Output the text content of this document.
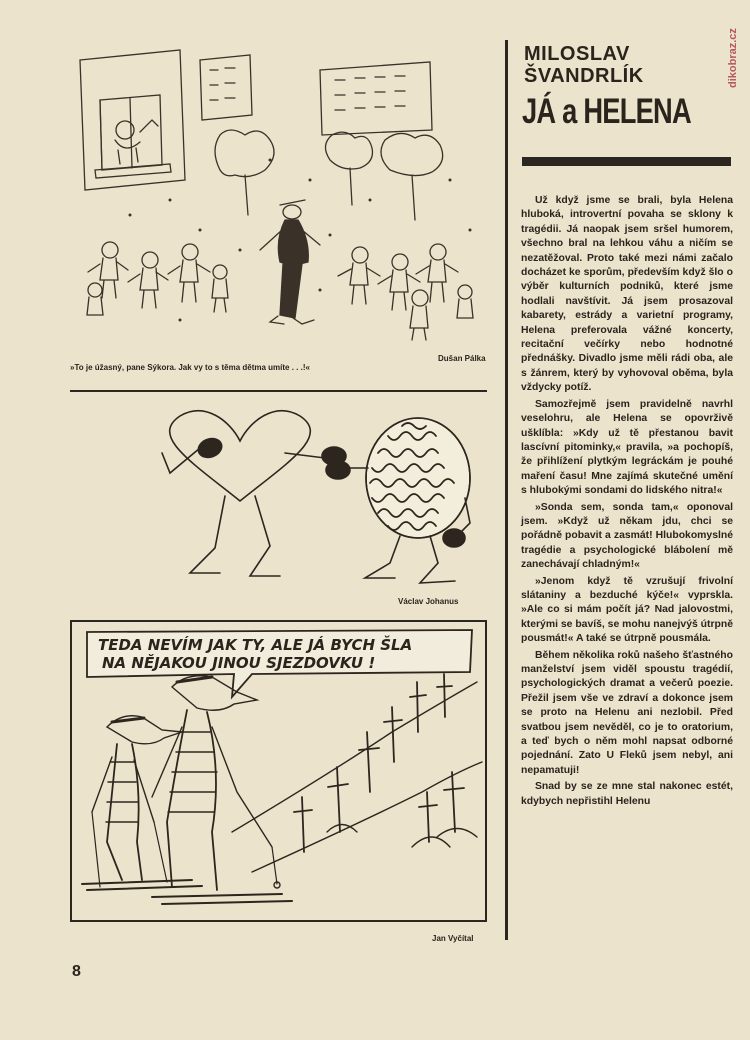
dikobraz.cz
»To je úžasný, pane Sýkora. Jak vy to s těma dětma umíte . . .!«
Dušan Pálka
Václav Johanus
TEDA NEVÍM JAK TY, ALE JÁ BYCH ŠLA
NA NĚJAKOU JINOU SJEZDOVKU !
Jan Vyčítal
8
MILOSLAV
ŠVANDRLÍK
JÁ a HELENA

Už když jsme se brali, byla Helena hluboká, introvertní povaha se sklony k tragédii. Já naopak jsem sršel humorem, všechno bral na lehkou váhu a ničím se nezatěžoval. Proto také mezi námi začalo docházet ke sporům, především když šlo o výběr kulturních podniků, které jsme hodlali navštívit. Já jsem prosazoval kabarety, estrády a varietní programy, Helena preferovala vážné koncerty, recitační večírky nebo hodnotné přednášky. Divadlo jsme měli rádi oba, ale s žánrem, který by vyhovoval oběma, byla vždycky potíž.

Samozřejmě jsem pravidelně navrhl veselohru, ale Helena se opovrživě ušklíbla: »Kdy už tě přestanou bavit lascívní pitominky,« pravila, »a pochopíš, že přihlížení plytkým legráckám je pouhé maření času! Mne zajímá skutečné umění s hlubokými sondami do lidského nitra!«

»Sonda sem, sonda tam,« oponoval jsem. »Když už někam jdu, chci se pořádně pobavit a zasmát! Hlubokomyslné tragédie a psychologické blábolení mě zanechávají chladným!«

»Jenom když tě vzrušují frivolní slátaniny a bezduché kýče!« vyprskla. »Ale co si mám počít já? Nad jalovostmi, kterými se bavíš, se mohu nanejvýš útrpně pousmát!« A také se útrpně pousmála.

Během několika roků našeho šťastného manželství jsem viděl spoustu tragédií, psychologických dramat a večerů poezie. Přežil jsem vše ve zdraví a dokonce jsem se proto na Helenu ani nezlobil. Před svatbou jsem nevěděl, co je to oratorium, a teď bych o něm mohl napsat odborné pojednání. Zato U Fleků jsem nebyl, ani nepamatuji!

Snad by se ze mne stal nakonec estét, kdybych nepřistihl Helenu
